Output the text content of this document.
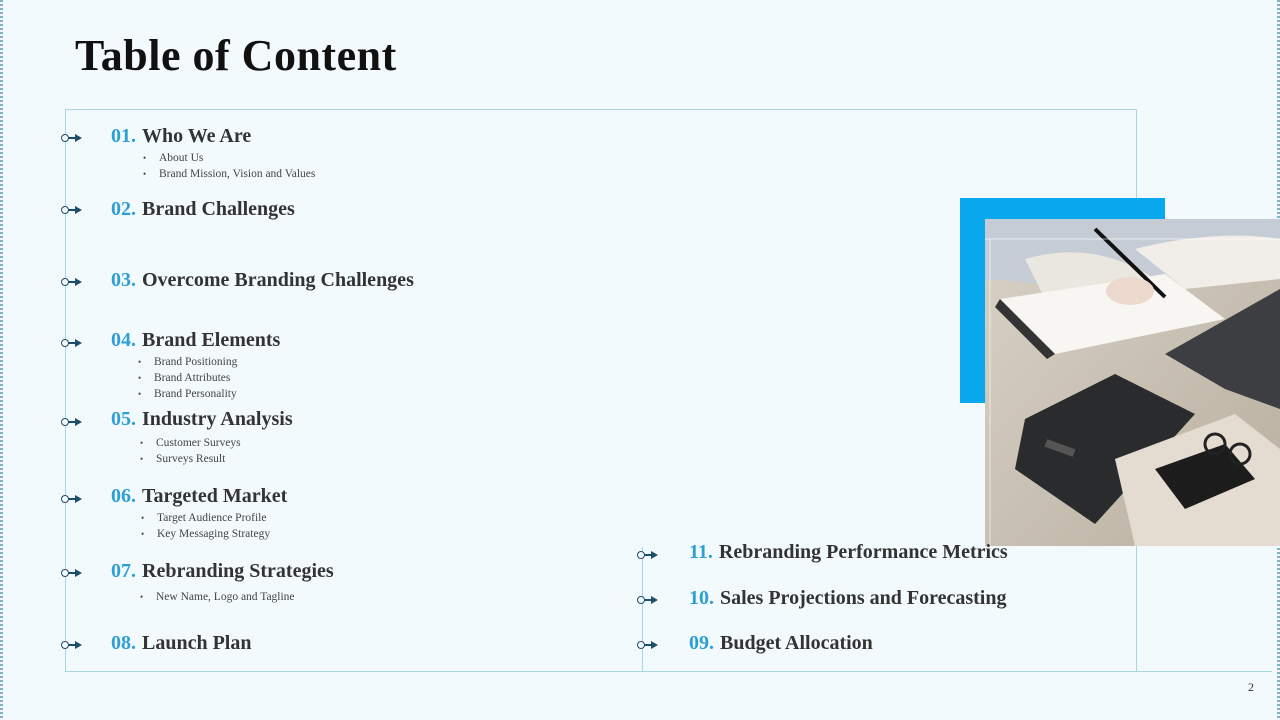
Table of Content
01. Who We Are
• About Us
• Brand Mission, Vision and Values
02. Brand Challenges
03. Overcome Branding Challenges
04. Brand Elements
• Brand Positioning
• Brand Attributes
• Brand Personality
05. Industry Analysis
• Customer Surveys
• Surveys Result
06. Targeted Market
• Target Audience Profile
• Key Messaging Strategy
07. Rebranding Strategies
• New Name, Logo and Tagline
08. Launch Plan
11. Rebranding Performance Metrics
10. Sales Projections and Forecasting
09. Budget Allocation
2
